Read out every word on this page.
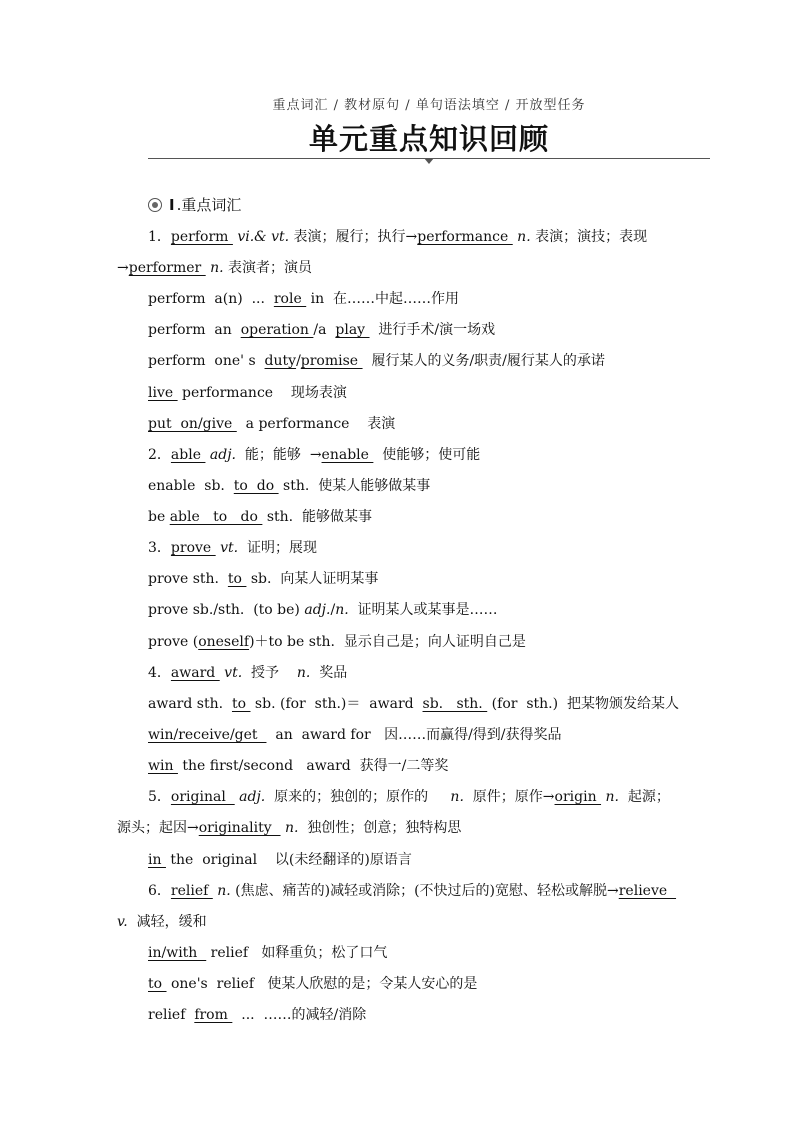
重点词汇 / 教材原句 / 单句语法填空 / 开放型任务
单元重点知识回顾
Ⅰ .重点词汇
1．perform  vi.& vt. 表演；履行；执行→performance  n. 表演；演技；表现
→performer  n. 表演者；演员
perform  a(n)  ...  role  in  在……中起……作用
perform  an  operation /a  play   进行手术/演一场戏
perform  one' s  duty/promise   履行某人的义务/职责/履行某人的承诺
live  performance    现场表演
put  on/give   a performance    表演
2．able  adj.  能；能够  →enable   使能够；使可能
enable  sb.  to  do  sth.  使某人能够做某事
be able   to   do  sth.  能够做某事
3．prove  vt.  证明；展现
prove sth.  to  sb.  向某人证明某事
prove sb./sth.  (to be) adj./n.  证明某人或某事是……
prove (oneself)＋to be sth.  显示自己是；向人证明自己是
4．award  vt.  授予    n.  奖品
award sth.  to  sb. (for  sth.)＝  award  sb.   sth.  (for  sth.)  把某物颁发给某人
win/receive/get    an  award for   因……而赢得/得到/获得奖品
win  the first/second   award  获得一/二等奖
5．original   adj.  原来的；独创的；原作的     n.  原件；原作→origin  n.  起源；
源头；起因→originality   n.  独创性；创意；独特构思
in  the  original    以(未经翻译的)原语言
6．relief  n. (焦虑、痛苦的)减轻或消除；(不快过后的)宽慰、轻松或解脱→relieve
v.  减轻，缓和
in/with   relief   如释重负；松了口气
to  one's  relief   使某人欣慰的是；令某人安心的是
relief  from   ...  ……的减轻/消除
